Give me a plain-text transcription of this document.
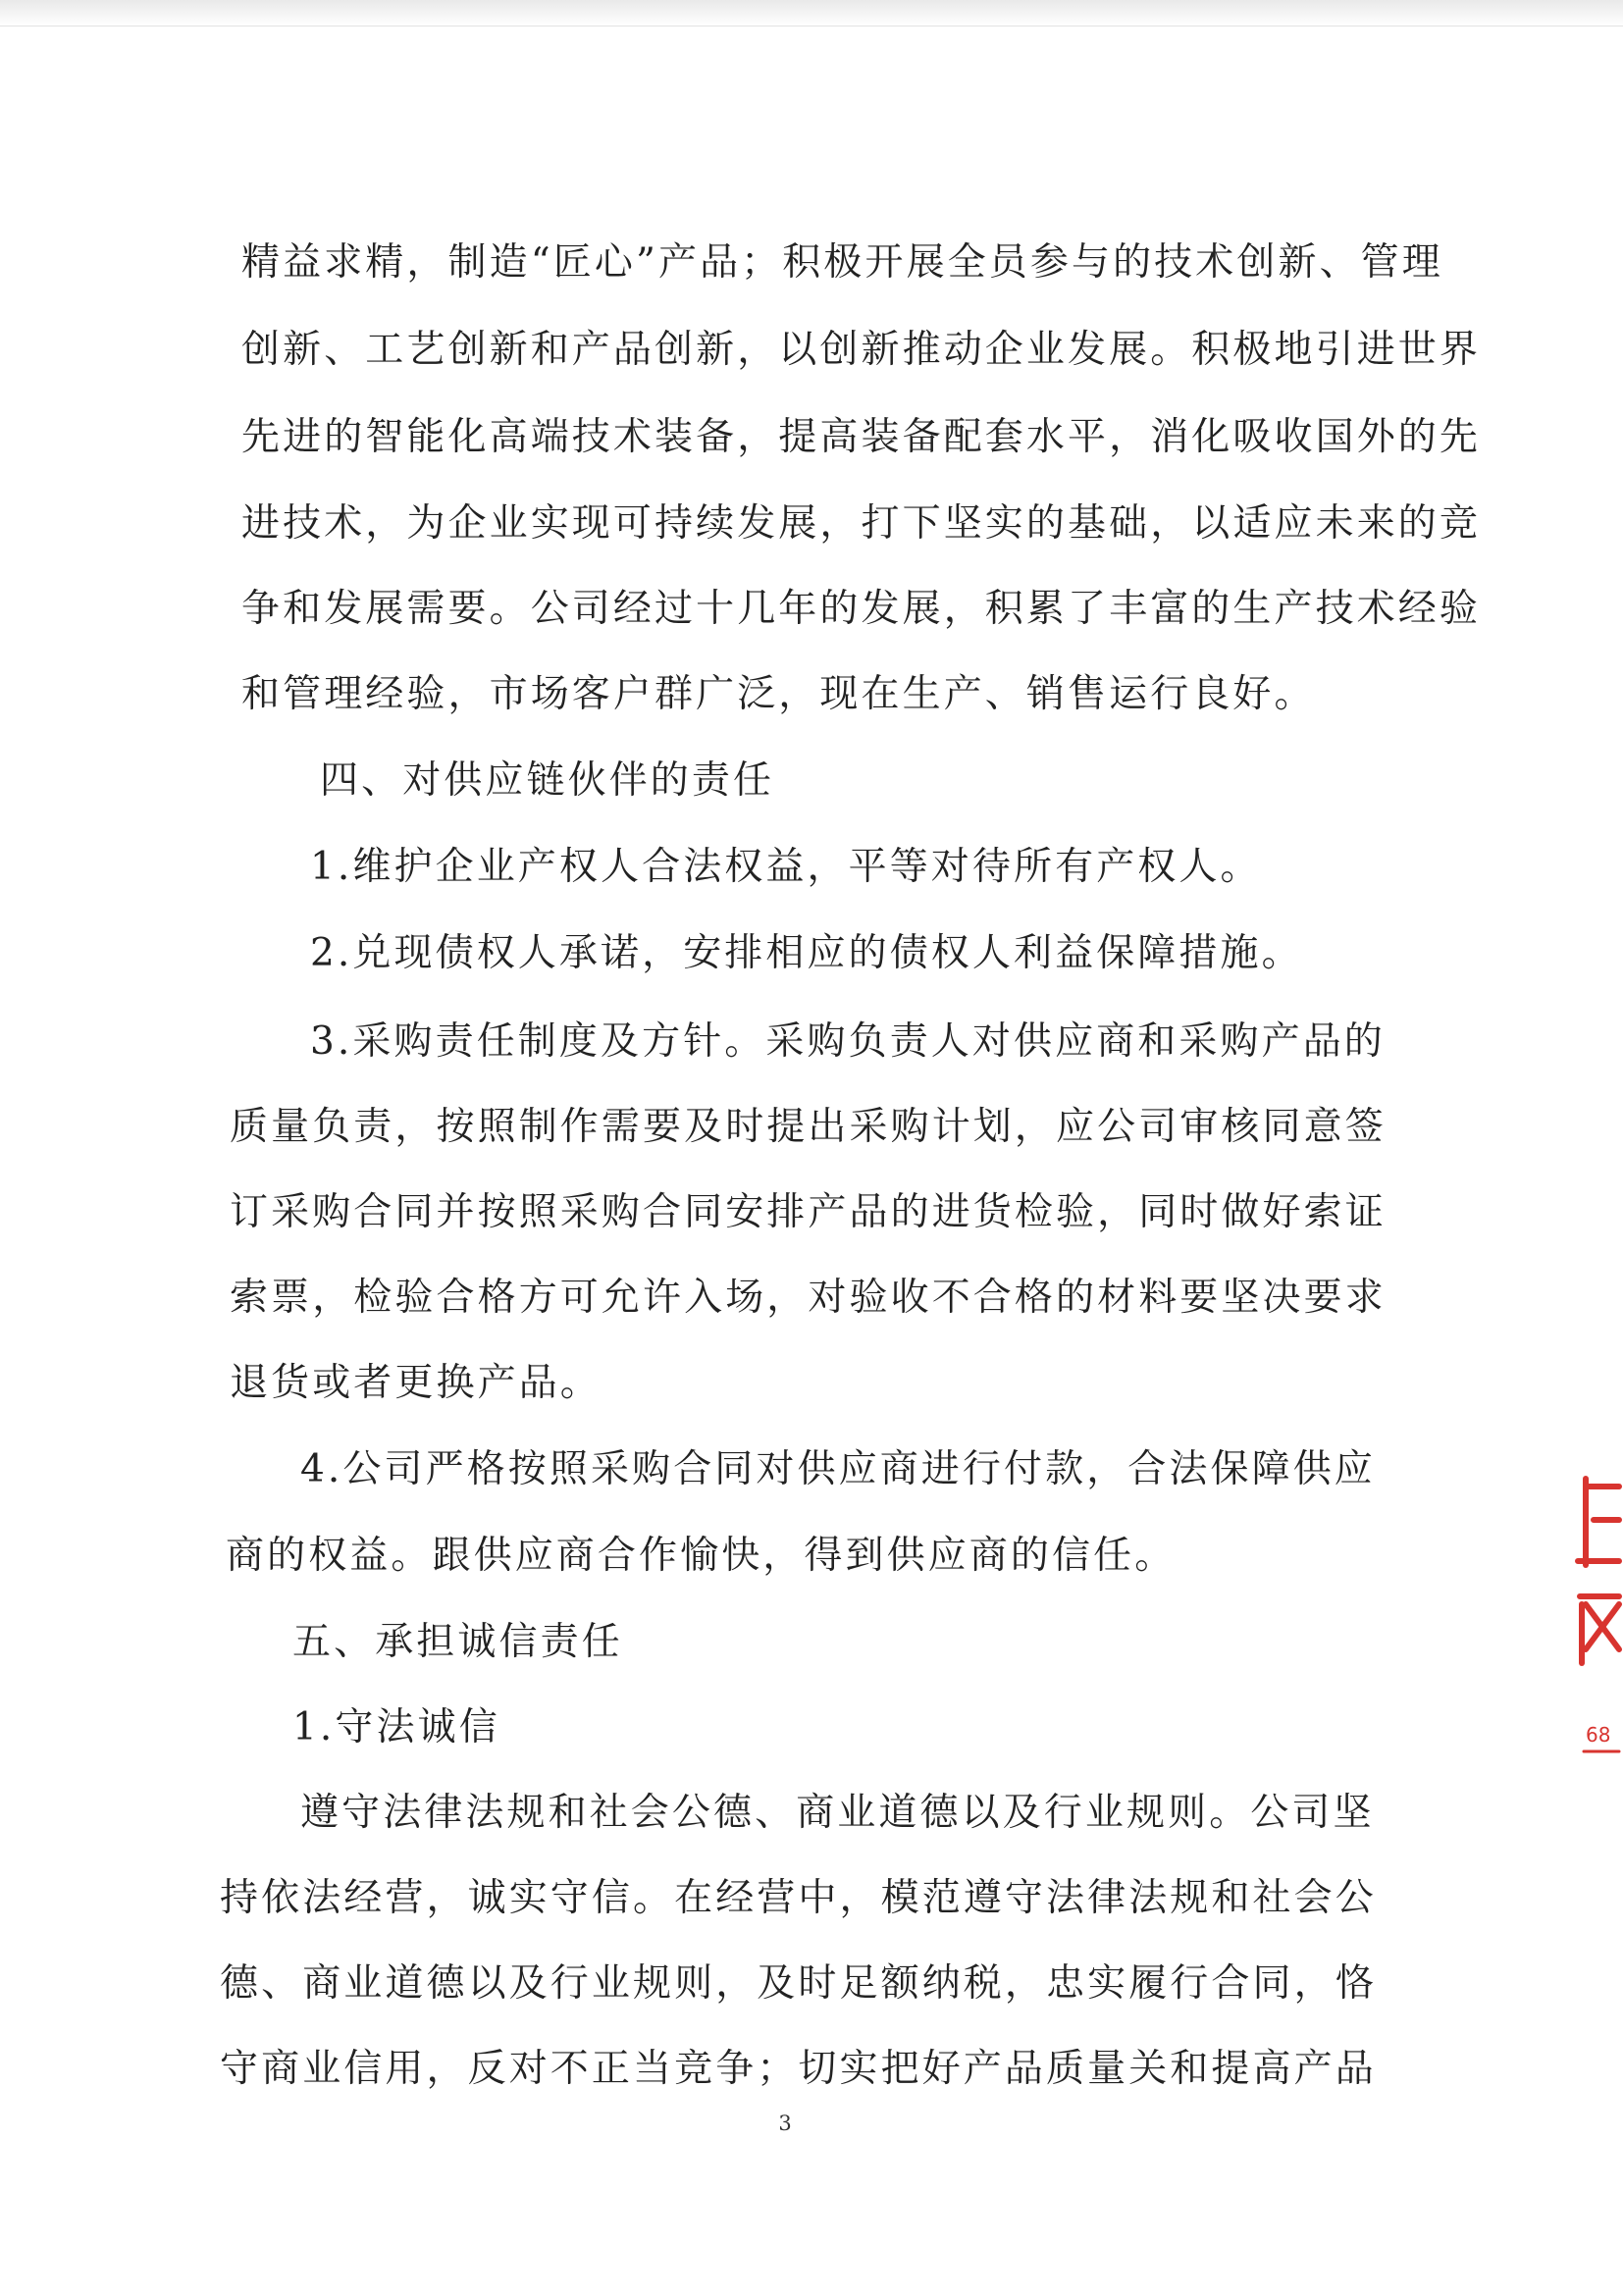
精益求精，制造“匠心”产品；积极开展全员参与的技术创新、管理

创新、工艺创新和产品创新，以创新推动企业发展。积极地引进世界

先进的智能化高端技术装备，提高装备配套水平，消化吸收国外的先

进技术，为企业实现可持续发展，打下坚实的基础，以适应未来的竞

争和发展需要。公司经过十几年的发展，积累了丰富的生产技术经验

和管理经验，市场客户群广泛，现在生产、销售运行良好。

四、对供应链伙伴的责任

1.维护企业产权人合法权益，平等对待所有产权人。

2.兑现债权人承诺，安排相应的债权人利益保障措施。

3.采购责任制度及方针。采购负责人对供应商和采购产品的

质量负责，按照制作需要及时提出采购计划，应公司审核同意签

订采购合同并按照采购合同安排产品的进货检验，同时做好索证

索票，检验合格方可允许入场，对验收不合格的材料要坚决要求

退货或者更换产品。

4.公司严格按照采购合同对供应商进行付款，合法保障供应

商的权益。跟供应商合作愉快，得到供应商的信任。

五、承担诚信责任

1.守法诚信

遵守法律法规和社会公德、商业道德以及行业规则。公司坚

持依法经营，诚实守信。在经营中，模范遵守法律法规和社会公

德、商业道德以及行业规则，及时足额纳税，忠实履行合同，恪

守商业信用，反对不正当竞争；切实把好产品质量关和提高产品

3
68
